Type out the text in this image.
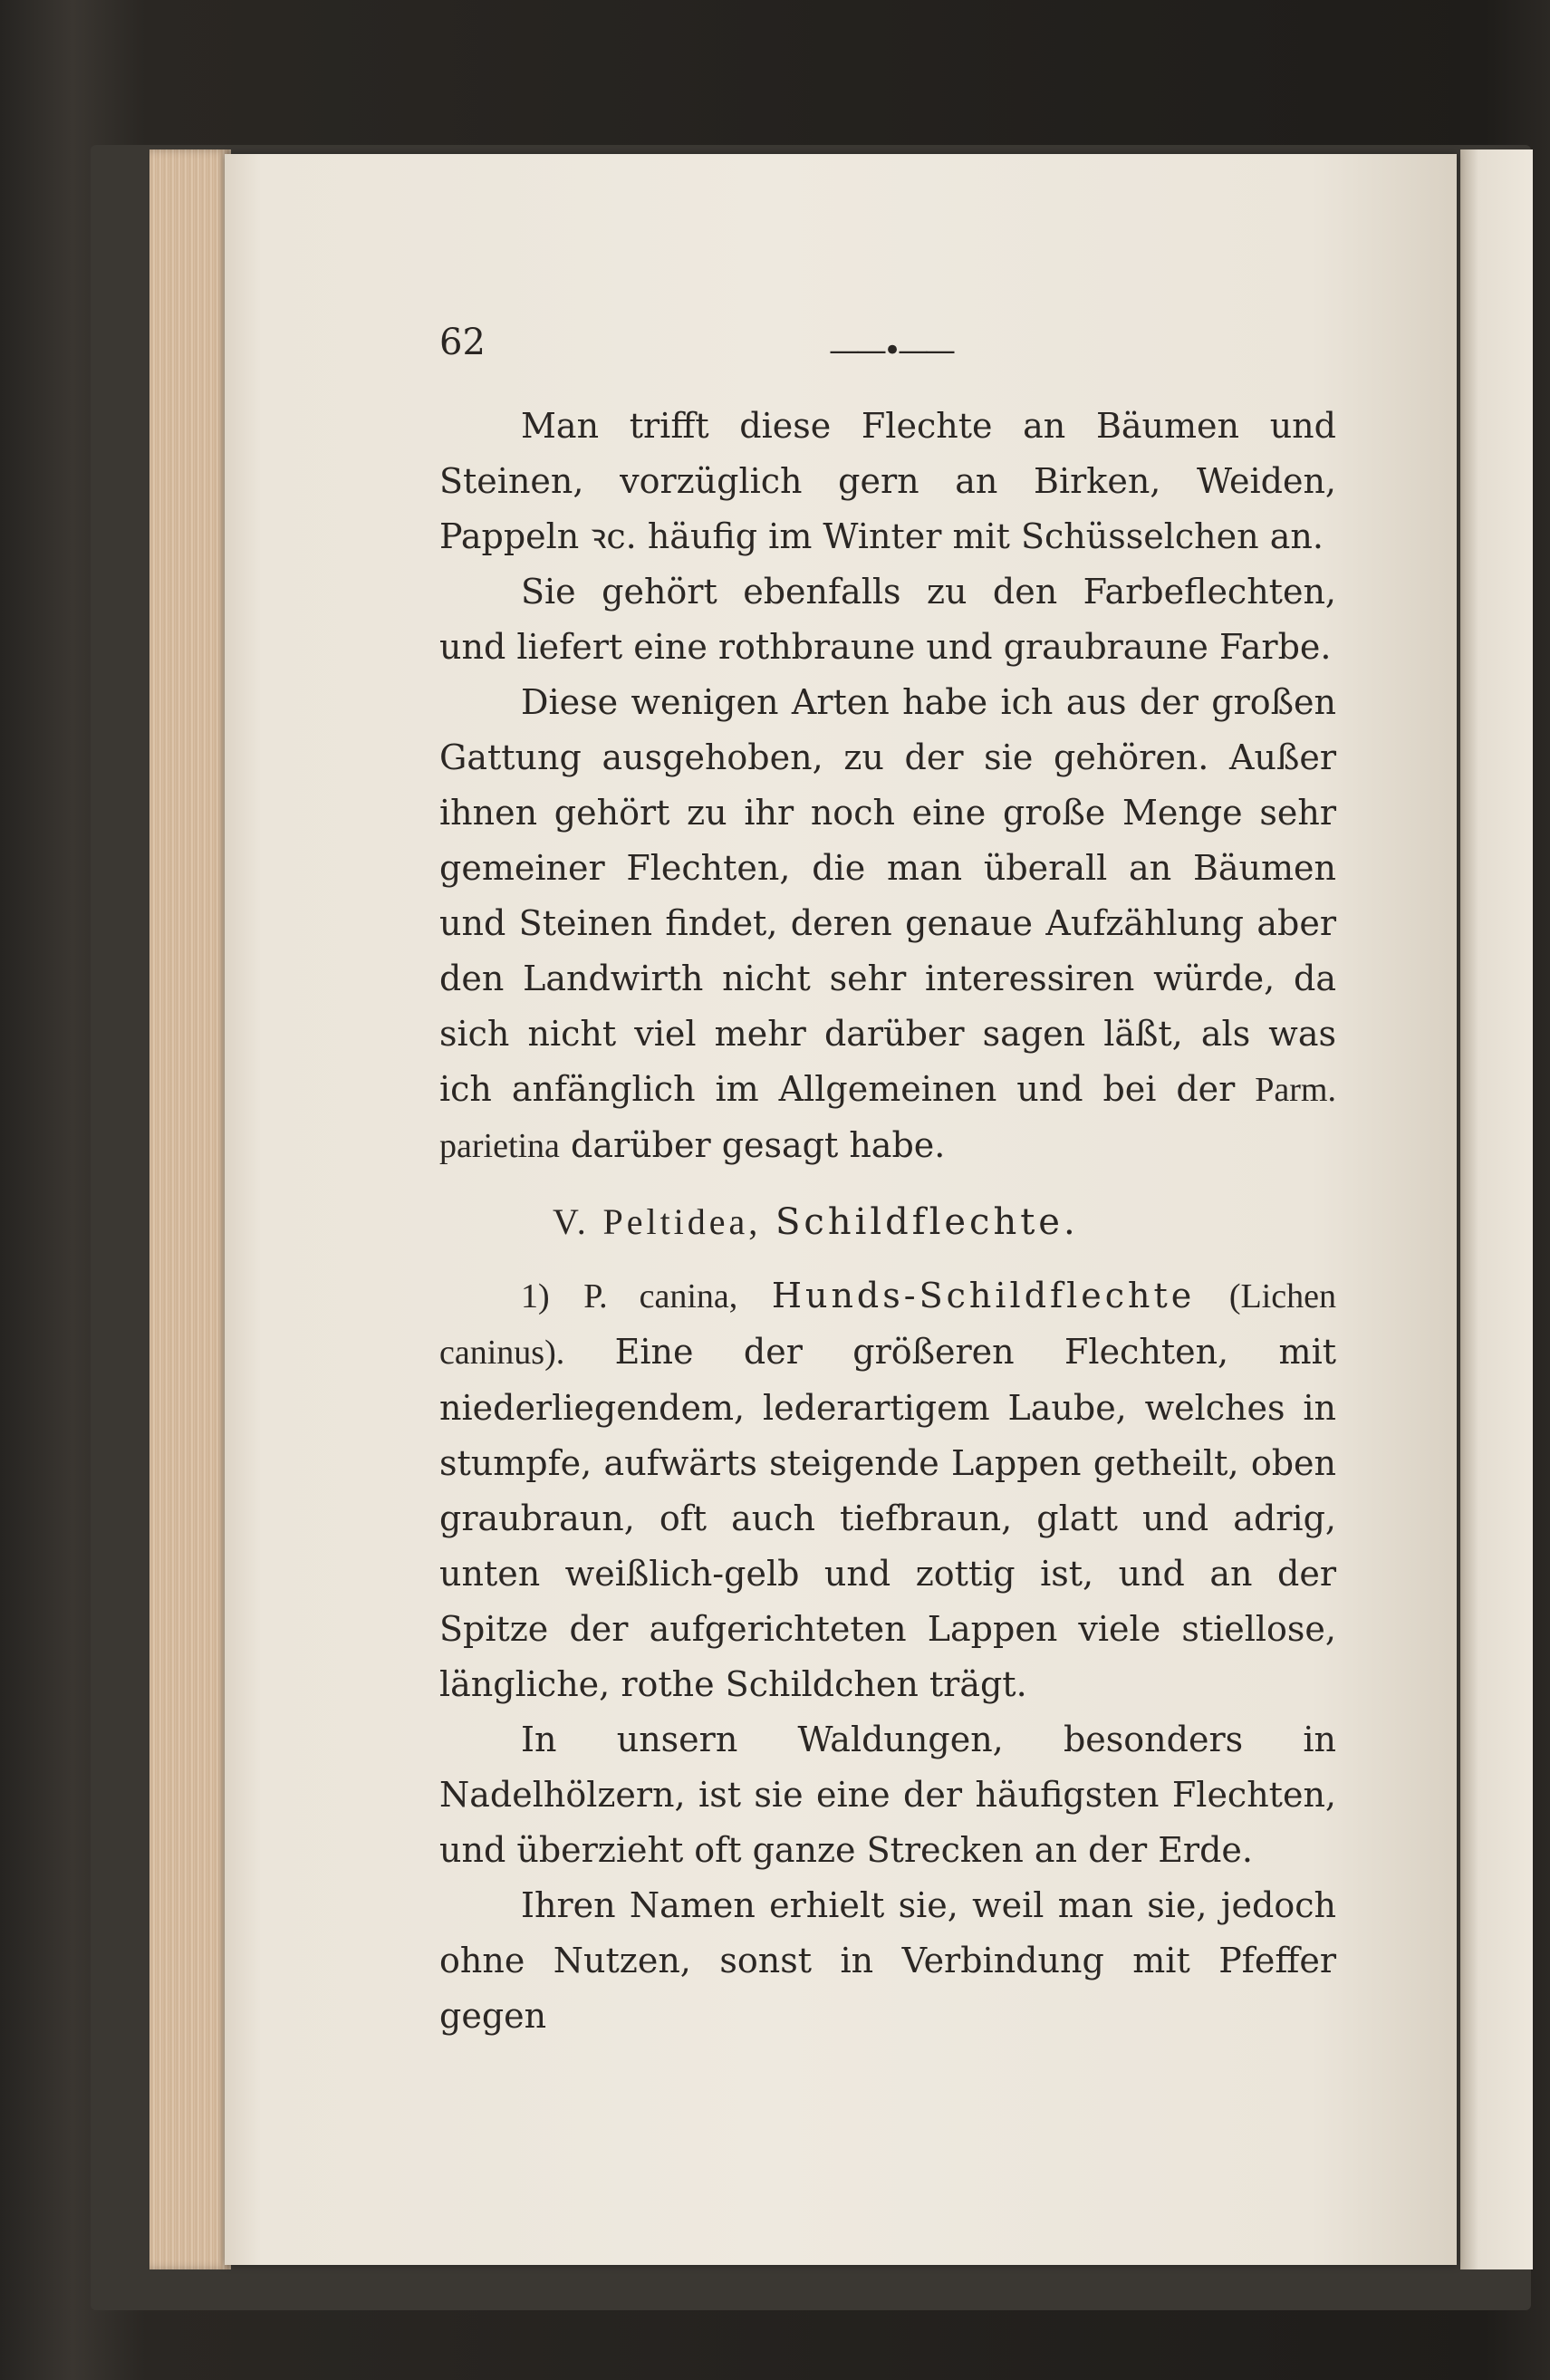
62	——•——

Man trifft diese Flechte an Bäumen und Steinen, vorzüglich gern an Birken, Weiden, Pappeln ꝛc. häufig im Winter mit Schüsselchen an.

Sie gehört ebenfalls zu den Farbeflechten, und liefert eine rothbraune und graubraune Farbe.

Diese wenigen Arten habe ich aus der großen Gattung ausgehoben, zu der sie gehören. Außer ihnen gehört zu ihr noch eine große Menge sehr gemeiner Flechten, die man überall an Bäumen und Steinen findet, deren genaue Aufzählung aber den Landwirth nicht sehr interessiren würde, da sich nicht viel mehr darüber sagen läßt, als was ich anfänglich im Allgemeinen und bei der Parm. parietina darüber gesagt habe.

V. Peltidea, Schildflechte.

1) P. canina, Hunds-Schildflechte (Lichen caninus). Eine der größeren Flechten, mit niederliegendem, lederartigem Laube, welches in stumpfe, aufwärts steigende Lappen getheilt, oben graubraun, oft auch tiefbraun, glatt und adrig, unten weißlich-gelb und zottig ist, und an der Spitze der aufgerichteten Lappen viele stiellose, längliche, rothe Schildchen trägt.

In unsern Waldungen, besonders in Nadelhölzern, ist sie eine der häufigsten Flechten, und überzieht oft ganze Strecken an der Erde.

Ihren Namen erhielt sie, weil man sie, jedoch ohne Nutzen, sonst in Verbindung mit Pfeffer gegen
